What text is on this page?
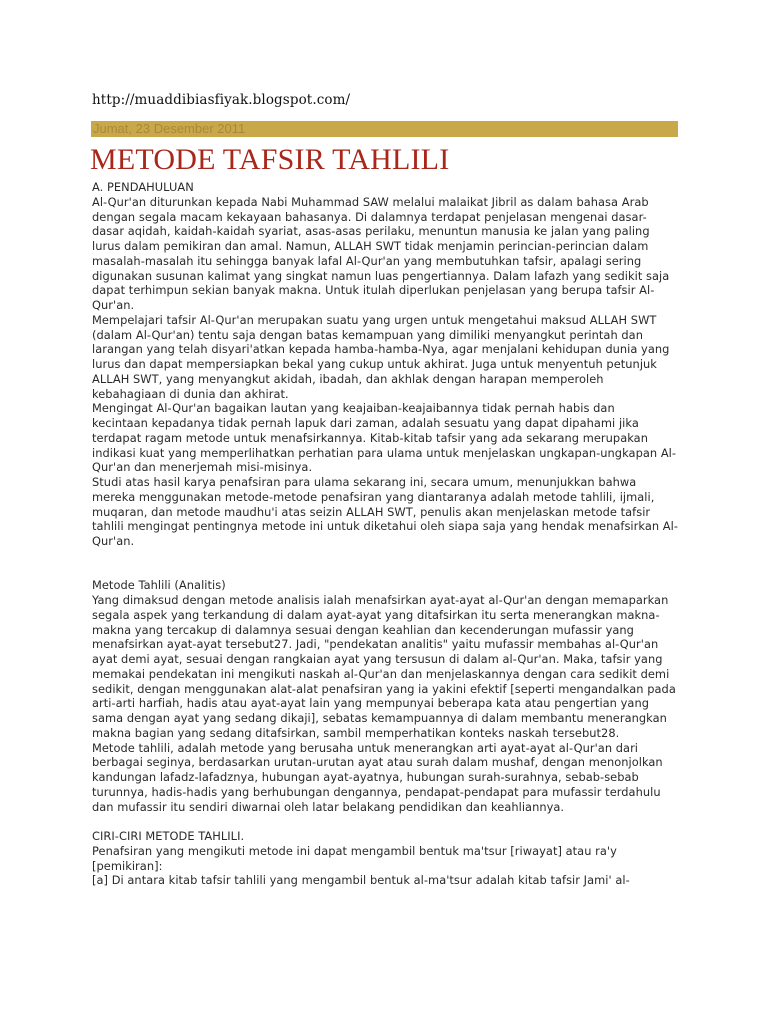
http://muaddibiasfiyak.blogspot.com/
Jumat, 23 Desember 2011
METODE TAFSIR TAHLILI
A. PENDAHULUAN
Al-Qur'an diturunkan kepada Nabi Muhammad SAW melalui malaikat Jibril as dalam bahasa Arab
dengan segala macam kekayaan bahasanya. Di dalamnya terdapat penjelasan mengenai dasar-
dasar aqidah, kaidah-kaidah syariat, asas-asas perilaku, menuntun manusia ke jalan yang paling
lurus dalam pemikiran dan amal. Namun, ALLAH SWT tidak menjamin perincian-perincian dalam
masalah-masalah itu sehingga banyak lafal Al-Qur'an yang membutuhkan tafsir, apalagi sering
digunakan susunan kalimat yang singkat namun luas pengertiannya. Dalam lafazh yang sedikit saja
dapat terhimpun sekian banyak makna. Untuk itulah diperlukan penjelasan yang berupa tafsir Al-
Qur'an.
Mempelajari tafsir Al-Qur'an merupakan suatu yang urgen untuk mengetahui maksud ALLAH SWT
(dalam Al-Qur'an) tentu saja dengan batas kemampuan yang dimiliki menyangkut perintah dan
larangan yang telah disyari'atkan kepada hamba-hamba-Nya, agar menjalani kehidupan dunia yang
lurus dan dapat mempersiapkan bekal yang cukup untuk akhirat. Juga untuk menyentuh petunjuk
ALLAH SWT, yang menyangkut akidah, ibadah, dan akhlak dengan harapan memperoleh
kebahagiaan di dunia dan akhirat.
Mengingat Al-Qur'an bagaikan lautan yang keajaiban-keajaibannya tidak pernah habis dan
kecintaan kepadanya tidak pernah lapuk dari zaman, adalah sesuatu yang dapat dipahami jika
terdapat ragam metode untuk menafsirkannya. Kitab-kitab tafsir yang ada sekarang merupakan
indikasi kuat yang memperlihatkan perhatian para ulama untuk menjelaskan ungkapan-ungkapan Al-
Qur'an dan menerjemah misi-misinya.
Studi atas hasil karya penafsiran para ulama sekarang ini, secara umum, menunjukkan bahwa
mereka menggunakan metode-metode penafsiran yang diantaranya adalah metode tahlili, ijmali,
muqaran, dan metode maudhu'i atas seizin ALLAH SWT, penulis akan menjelaskan metode tafsir
tahlili mengingat pentingnya metode ini untuk diketahui oleh siapa saja yang hendak menafsirkan Al-
Qur'an.
Metode Tahlili (Analitis)
Yang dimaksud dengan metode analisis ialah menafsirkan ayat-ayat al-Qur'an dengan memaparkan
segala aspek yang terkandung di dalam ayat-ayat yang ditafsirkan itu serta menerangkan makna-
makna yang tercakup di dalamnya sesuai dengan keahlian dan kecenderungan mufassir yang
menafsirkan ayat-ayat tersebut27. Jadi, "pendekatan analitis" yaitu mufassir membahas al-Qur'an
ayat demi ayat, sesuai dengan rangkaian ayat yang tersusun di dalam al-Qur'an. Maka, tafsir yang
memakai pendekatan ini mengikuti naskah al-Qur'an dan menjelaskannya dengan cara sedikit demi
sedikit, dengan menggunakan alat-alat penafsiran yang ia yakini efektif [seperti mengandalkan pada
arti-arti harfiah, hadis atau ayat-ayat lain yang mempunyai beberapa kata atau pengertian yang
sama dengan ayat yang sedang dikaji], sebatas kemampuannya di dalam membantu menerangkan
makna bagian yang sedang ditafsirkan, sambil memperhatikan konteks naskah tersebut28.
Metode tahlili, adalah metode yang berusaha untuk menerangkan arti ayat-ayat al-Qur'an dari
berbagai seginya, berdasarkan urutan-urutan ayat atau surah dalam mushaf, dengan menonjolkan
kandungan lafadz-lafadznya, hubungan ayat-ayatnya, hubungan surah-surahnya, sebab-sebab
turunnya, hadis-hadis yang berhubungan dengannya, pendapat-pendapat para mufassir terdahulu
dan mufassir itu sendiri diwarnai oleh latar belakang pendidikan dan keahliannya.
CIRI-CIRI METODE TAHLILI.
Penafsiran yang mengikuti metode ini dapat mengambil bentuk ma'tsur [riwayat] atau ra'y
[pemikiran]:
[a] Di antara kitab tafsir tahlili yang mengambil bentuk al-ma'tsur adalah kitab tafsir Jami' al-
